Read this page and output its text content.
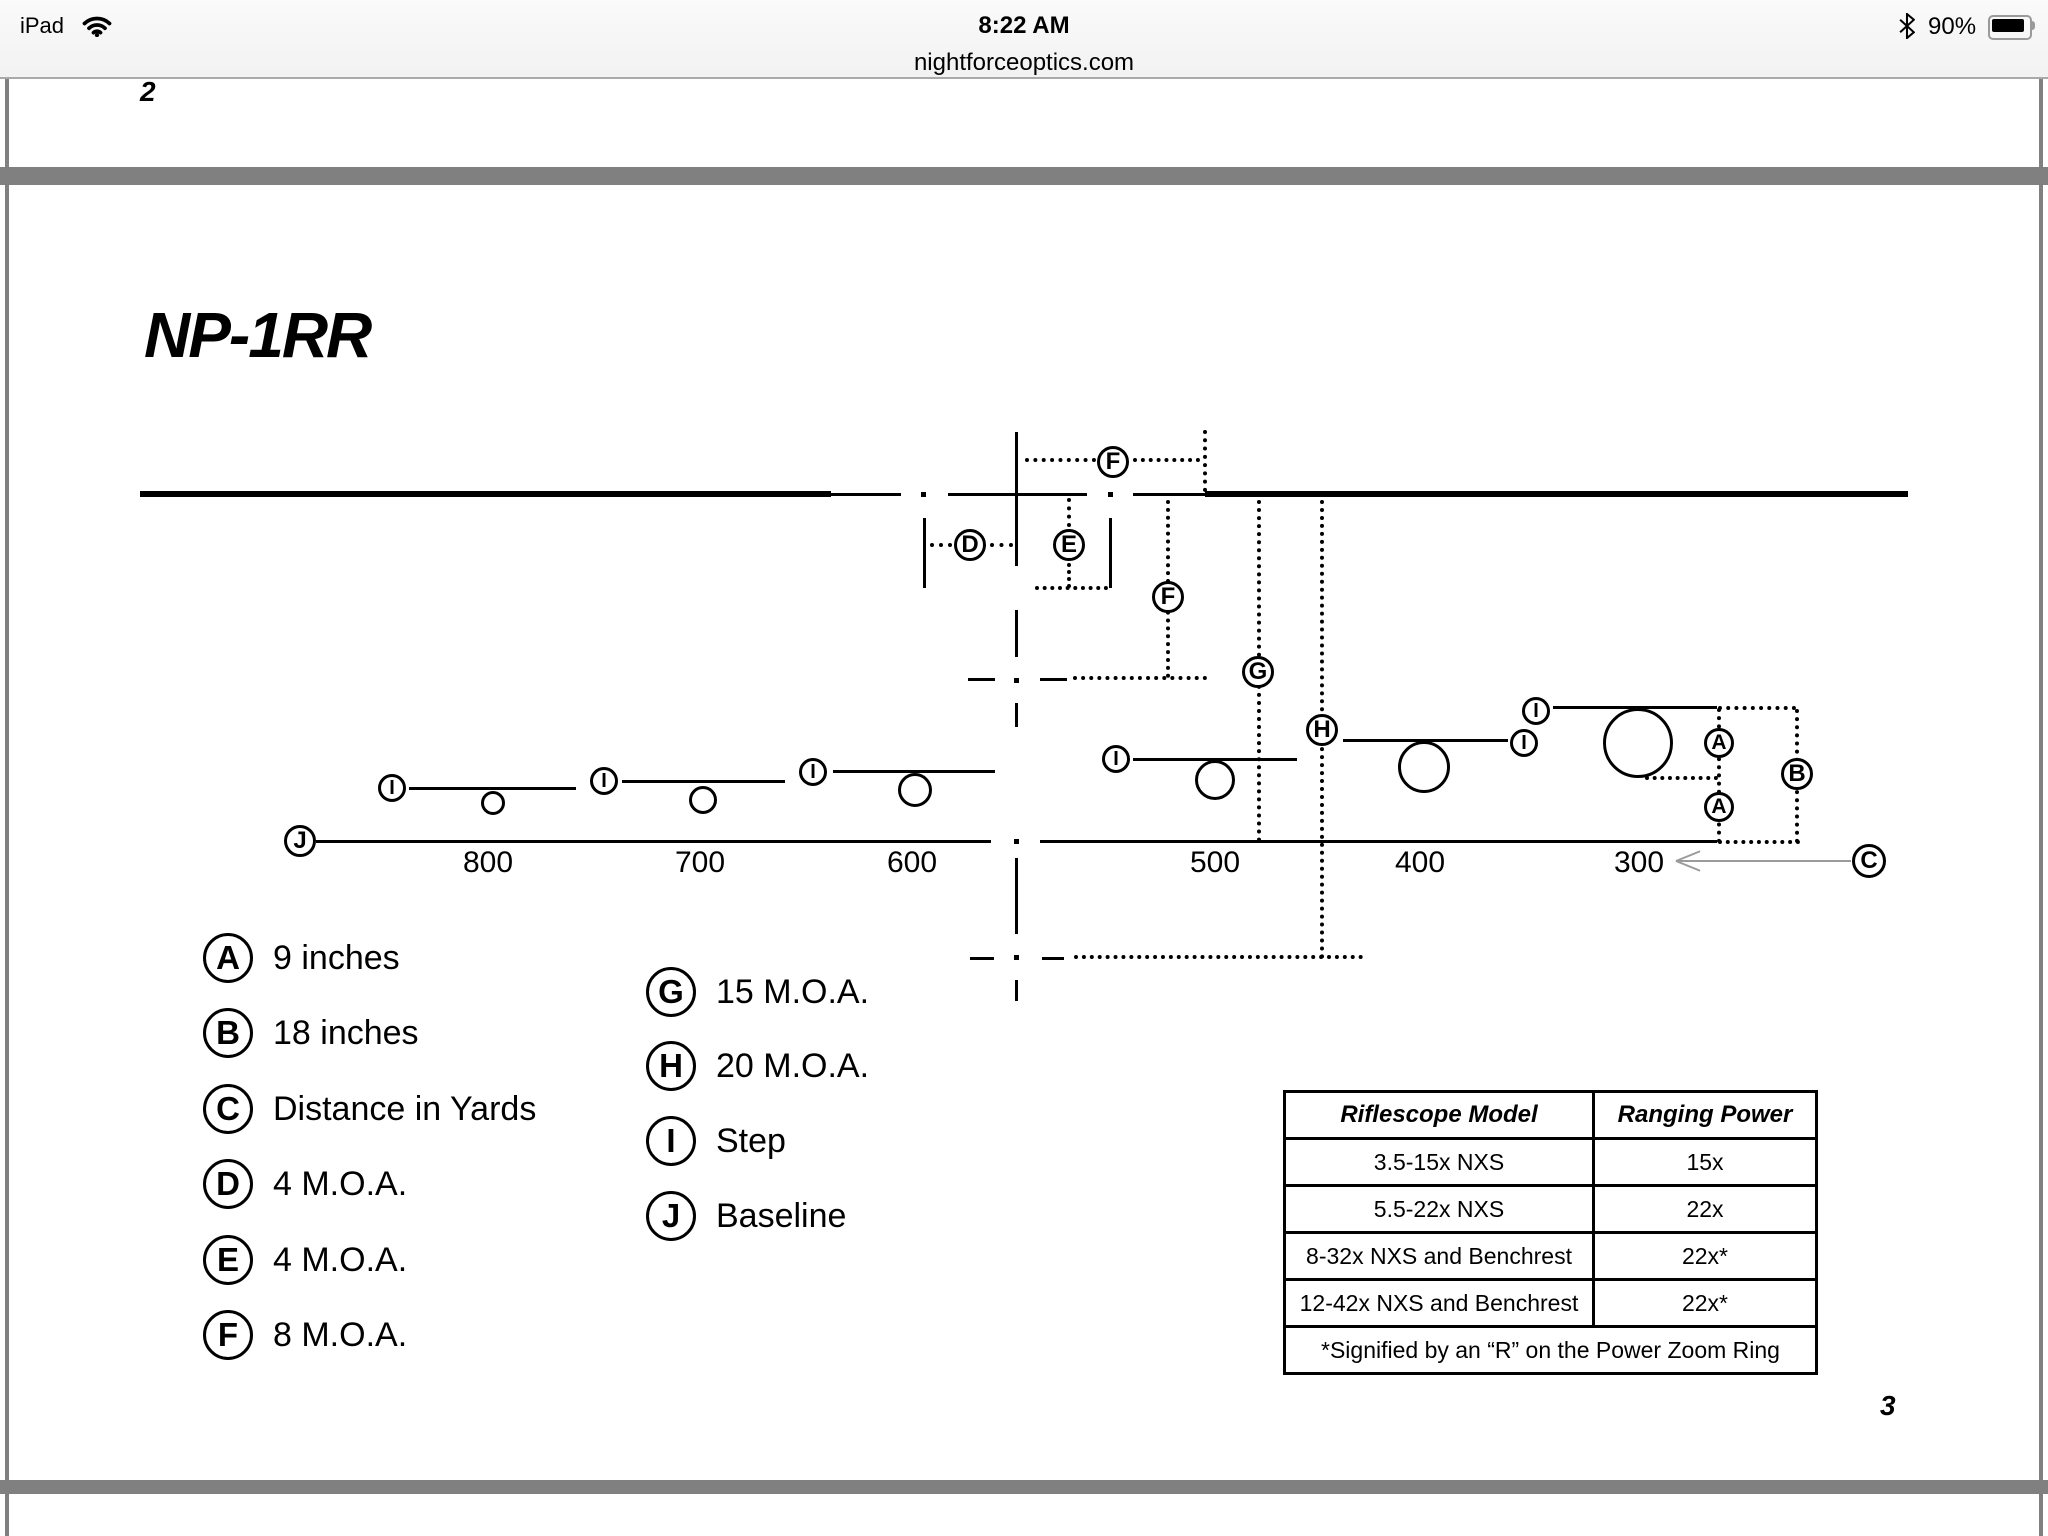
iPad	8:22 AM
nightforceoptics.com
90%
2
3
NP-1RR
800	700	600	500	400	300
F
D	E
F
G
H
I	I	I
I
I
I
J
A
A
B
C
A 9 inches
B 18 inches
C Distance in Yards
D 4 M.O.A.
E	4 M.O.A.
F	8 M.O.A.
G 15 M.O.A.
H 20 M.O.A.
I	Step
J	Baseline
Riflescope Model	Ranging Power
3.5-15x NXS	15x
5.5-22x NXS	22x
8-32x NXS and Benchrest	22x*
12-42x NXS and Benchrest	22x*
*Signified by an “R” on the Power Zoom Ring	
